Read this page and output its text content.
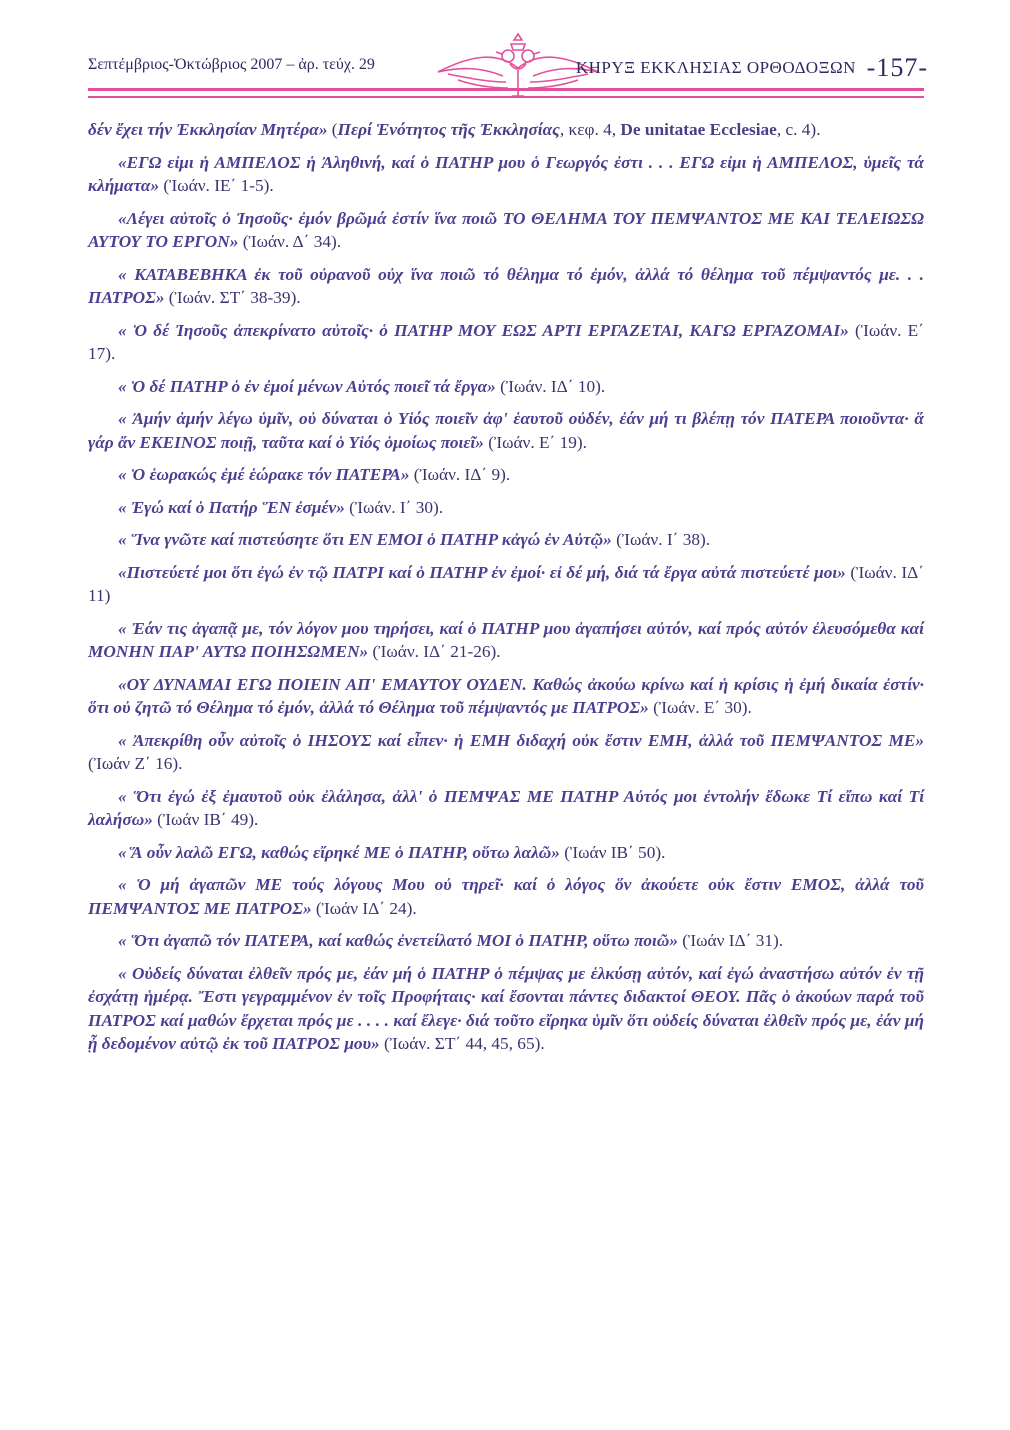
Σεπτέμβριος-Ὀκτώβριος 2007 – ἀρ. τεύχ. 29	ΚΗΡΥΞ ΕΚΚΛΗΣΙΑΣ ΟΡΘΟΔΟΞΩΝ -157-

δέν ἔχει τήν Ἐκκλησίαν Μητέρα» (Περί Ἑνότητος τῆς Ἐκκλησίας, κεφ. 4, De unitatae Ecclesiae, c. 4).

«ΕΓΩ εἰμι ἡ ΑΜΠΕΛΟΣ ἡ Ἀληθινή, καί ὁ ΠΑΤΗΡ μου ὁ Γεωργός ἐστι . . . ΕΓΩ εἰμι ἡ ΑΜΠΕΛΟΣ, ὑμεῖς τά κλήματα» (Ἰωάν. ΙΕ΄ 1-5).

«Λέγει αὐτοῖς ὁ Ἰησοῦς· ἐμόν βρῶμά ἐστίν ἵνα ποιῶ ΤΟ ΘΕΛΗΜΑ ΤΟΥ ΠΕΜΨΑΝΤΟΣ ΜΕ ΚΑΙ ΤΕΛΕΙΩΣΩ ΑΥΤΟΥ ΤΟ ΕΡΓΟΝ» (Ἰωάν. Δ΄ 34).

« ΚΑΤΑΒΕΒΗΚΑ ἐκ τοῦ οὐρανοῦ οὐχ ἵνα ποιῶ τό θέλημα τό ἐμόν, ἀλλά τό θέλημα τοῦ πέμψαντός με. . . ΠΑΤΡΟΣ» (Ἰωάν. ΣΤ΄ 38-39).

« Ὁ δέ Ἰησοῦς ἀπεκρίνατο αὐτοῖς· ὁ ΠΑΤΗΡ ΜΟΥ ΕΩΣ ΑΡΤΙ ΕΡΓΑΖΕΤΑΙ, ΚΑΓΩ ΕΡΓΑΖΟΜΑΙ» (Ἰωάν. Ε΄ 17).

« Ὁ δέ ΠΑΤΗΡ ὁ ἐν ἐμοί μένων Αὐτός ποιεῖ τά ἔργα» (Ἰωάν. ΙΔ΄ 10).

« Ἀμήν ἀμήν λέγω ὑμῖν, οὐ δύναται ὁ Υἱός ποιεῖν ἀφ' ἑαυτοῦ οὐδέν, ἐάν μή τι βλέπῃ τόν ΠΑΤΕΡΑ ποιοῦντα· ἅ γάρ ἄν ΕΚΕΙΝΟΣ ποιῇ, ταῦτα καί ὁ Υἱός ὁμοίως ποιεῖ» (Ἰωάν. Ε΄ 19).

« Ὁ ἑωρακώς ἐμέ ἑώρακε τόν ΠΑΤΕΡΑ» (Ἰωάν. ΙΔ΄ 9).

« Ἐγώ καί ὁ Πατήρ ἝΝ ἐσμέν» (Ἰωάν. Ι΄ 30).

« Ἵνα γνῶτε καί πιστεύσητε ὅτι ΕΝ ΕΜΟΙ ὁ ΠΑΤΗΡ κἀγώ ἐν Αὐτῷ» (Ἰωάν. Ι΄ 38).

«Πιστεύετέ μοι ὅτι ἐγώ ἐν τῷ ΠΑΤΡΙ καί ὁ ΠΑΤΗΡ ἐν ἐμοί· εἰ δέ μή, διά τά ἔργα αὐτά πιστεύετέ μοι» (Ἰωάν. ΙΔ΄ 11)

« Ἐάν τις ἀγαπᾷ με, τόν λόγον μου τηρήσει, καί ὁ ΠΑΤΗΡ μου ἀγαπήσει αὐτόν, καί πρός αὐτόν ἐλευσόμεθα καί ΜΟΝΗΝ ΠΑΡ' ΑΥΤΩ ΠΟΙΗΣΩΜΕΝ» (Ἰωάν. ΙΔ΄ 21-26).

«ΟΥ ΔΥΝΑΜΑΙ ΕΓΩ ΠΟΙΕΙΝ ΑΠ' ΕΜΑΥΤΟΥ ΟΥΔΕΝ. Καθώς ἀκούω κρίνω καί ἡ κρίσις ἡ ἐμή δικαία ἐστίν· ὅτι οὐ ζητῶ τό Θέλημα τό ἐμόν, ἀλλά τό Θέλημα τοῦ πέμψαντός με ΠΑΤΡΟΣ» (Ἰωάν. Ε΄ 30).

« Ἀπεκρίθη οὖν αὐτοῖς ὁ ΙΗΣΟΥΣ καί εἶπεν· ἡ ΕΜΗ διδαχή οὐκ ἔστιν ΕΜΗ, ἀλλά τοῦ ΠΕΜΨΑΝΤΟΣ ΜΕ» (Ἰωάν Ζ΄ 16).

« Ὅτι ἐγώ ἐξ ἐμαυτοῦ οὐκ ἐλάλησα, ἀλλ' ὁ ΠΕΜΨΑΣ ΜΕ ΠΑΤΗΡ Αὐτός μοι ἐντολήν ἔδωκε Τί εἴπω καί Τί λαλήσω» (Ἰωάν ΙΒ΄ 49).

« Ἅ οὖν λαλῶ ΕΓΩ, καθώς εἴρηκέ ΜΕ ὁ ΠΑΤΗΡ, οὕτω λαλῶ» (Ἰωάν ΙΒ΄ 50).

« Ὁ μή ἀγαπῶν ΜΕ τούς λόγους Μου οὐ τηρεῖ· καί ὁ λόγος ὅν ἀκούετε οὐκ ἔστιν ΕΜΟΣ, ἀλλά τοῦ ΠΕΜΨΑΝΤΟΣ ΜΕ ΠΑΤΡΟΣ» (Ἰωάν ΙΔ΄ 24).

« Ὅτι ἀγαπῶ τόν ΠΑΤΕΡΑ, καί καθώς ἐνετείλατό ΜΟΙ ὁ ΠΑΤΗΡ, οὕτω ποιῶ» (Ἰωάν ΙΔ΄ 31).

« Οὐδείς δύναται ἐλθεῖν πρός με, ἐάν μή ὁ ΠΑΤΗΡ ὁ πέμψας με ἑλκύσῃ αὐτόν, καί ἐγώ ἀναστήσω αὐτόν ἐν τῇ ἐσχάτῃ ἡμέρᾳ. Ἔστι γεγραμμένον ἐν τοῖς Προφήταις· καί ἔσονται πάντες διδακτοί ΘΕΟΥ. Πᾶς ὁ ἀκούων παρά τοῦ ΠΑΤΡΟΣ καί μαθών ἔρχεται πρός με . . . . καί ἔλεγε· διά τοῦτο εἴρηκα ὑμῖν ὅτι οὐδείς δύναται ἐλθεῖν πρός με, ἐάν μή ᾖ δεδομένον αὐτῷ ἐκ τοῦ ΠΑΤΡΟΣ μου» (Ἰωάν. ΣΤ΄ 44, 45, 65).
